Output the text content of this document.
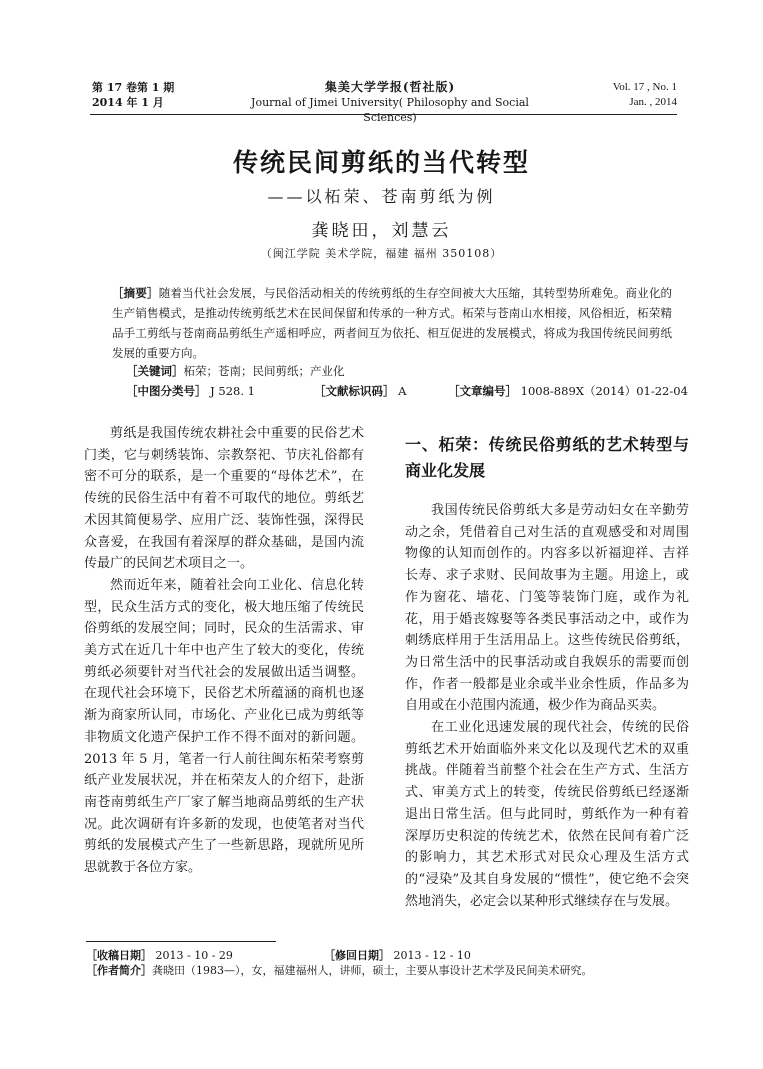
第 17 卷第 1 期
2014 年 1 月
集美大学学报(哲社版)
Journal of Jimei University( Philosophy and Social Sciences)
Vol. 17 , No. 1
Jan. , 2014
传统民间剪纸的当代转型
——以柘荣、苍南剪纸为例
龚晓田，刘慧云
（闽江学院 美术学院，福建 福州 350108）
［摘要］随着当代社会发展，与民俗活动相关的传统剪纸的生存空间被大大压缩，其转型势所难免。商业化的生产销售模式，是推动传统剪纸艺术在民间保留和传承的一种方式。柘荣与苍南山水相接，风俗相近，柘荣精品手工剪纸与苍南商品剪纸生产遥相呼应，两者间互为依托、相互促进的发展模式，将成为我国传统民间剪纸发展的重要方向。
［关键词］柘荣；苍南；民间剪纸；产业化
［中图分类号］ J 528. 1	［文献标识码］ A	［文章编号］ 1008-889X（2014）01-22-04

剪纸是我国传统农耕社会中重要的民俗艺术门类，它与刺绣装饰、宗教祭祀、节庆礼俗都有密不可分的联系，是一个重要的“母体艺术”，在传统的民俗生活中有着不可取代的地位。剪纸艺术因其简便易学、应用广泛、装饰性强，深得民众喜爱，在我国有着深厚的群众基础，是国内流传最广的民间艺术项目之一。

然而近年来，随着社会向工业化、信息化转型，民众生活方式的变化，极大地压缩了传统民俗剪纸的发展空间；同时，民众的生活需求、审美方式在近几十年中也产生了较大的变化，传统剪纸必须要针对当代社会的发展做出适当调整。在现代社会环境下，民俗艺术所蕴涵的商机也逐渐为商家所认同，市场化、产业化已成为剪纸等非物质文化遗产保护工作不得不面对的新问题。2013 年 5 月，笔者一行人前往闽东柘荣考察剪纸产业发展状况，并在柘荣友人的介绍下，赴浙南苍南剪纸生产厂家了解当地商品剪纸的生产状况。此次调研有许多新的发现，也使笔者对当代剪纸的发展模式产生了一些新思路，现就所见所思就教于各位方家。

一、柘荣：传统民俗剪纸的艺术转型与商业化发展

我国传统民俗剪纸大多是劳动妇女在辛勤劳动之余，凭借着自己对生活的直观感受和对周围物像的认知而创作的。内容多以祈福迎祥、吉祥长寿、求子求财、民间故事为主题。用途上，或作为窗花、墙花、门笺等装饰门庭，或作为礼花，用于婚丧嫁娶等各类民事活动之中，或作为刺绣底样用于生活用品上。这些传统民俗剪纸，为日常生活中的民事活动或自我娱乐的需要而创作，作者一般都是业余或半业余性质，作品多为自用或在小范围内流通，极少作为商品买卖。

在工业化迅速发展的现代社会，传统的民俗剪纸艺术开始面临外来文化以及现代艺术的双重挑战。伴随着当前整个社会在生产方式、生活方式、审美方式上的转变，传统民俗剪纸已经逐渐退出日常生活。但与此同时，剪纸作为一种有着深厚历史积淀的传统艺术，依然在民间有着广泛的影响力，其艺术形式对民众心理及生活方式的“浸染”及其自身发展的“惯性”，使它绝不会突然地消失，必定会以某种形式继续存在与发展。

［收稿日期］ 2013 - 10 - 29	［修回日期］ 2013 - 12 - 10
［作者简介］龚晓田（1983—），女，福建福州人，讲师，硕士，主要从事设计艺术学及民间美术研究。
